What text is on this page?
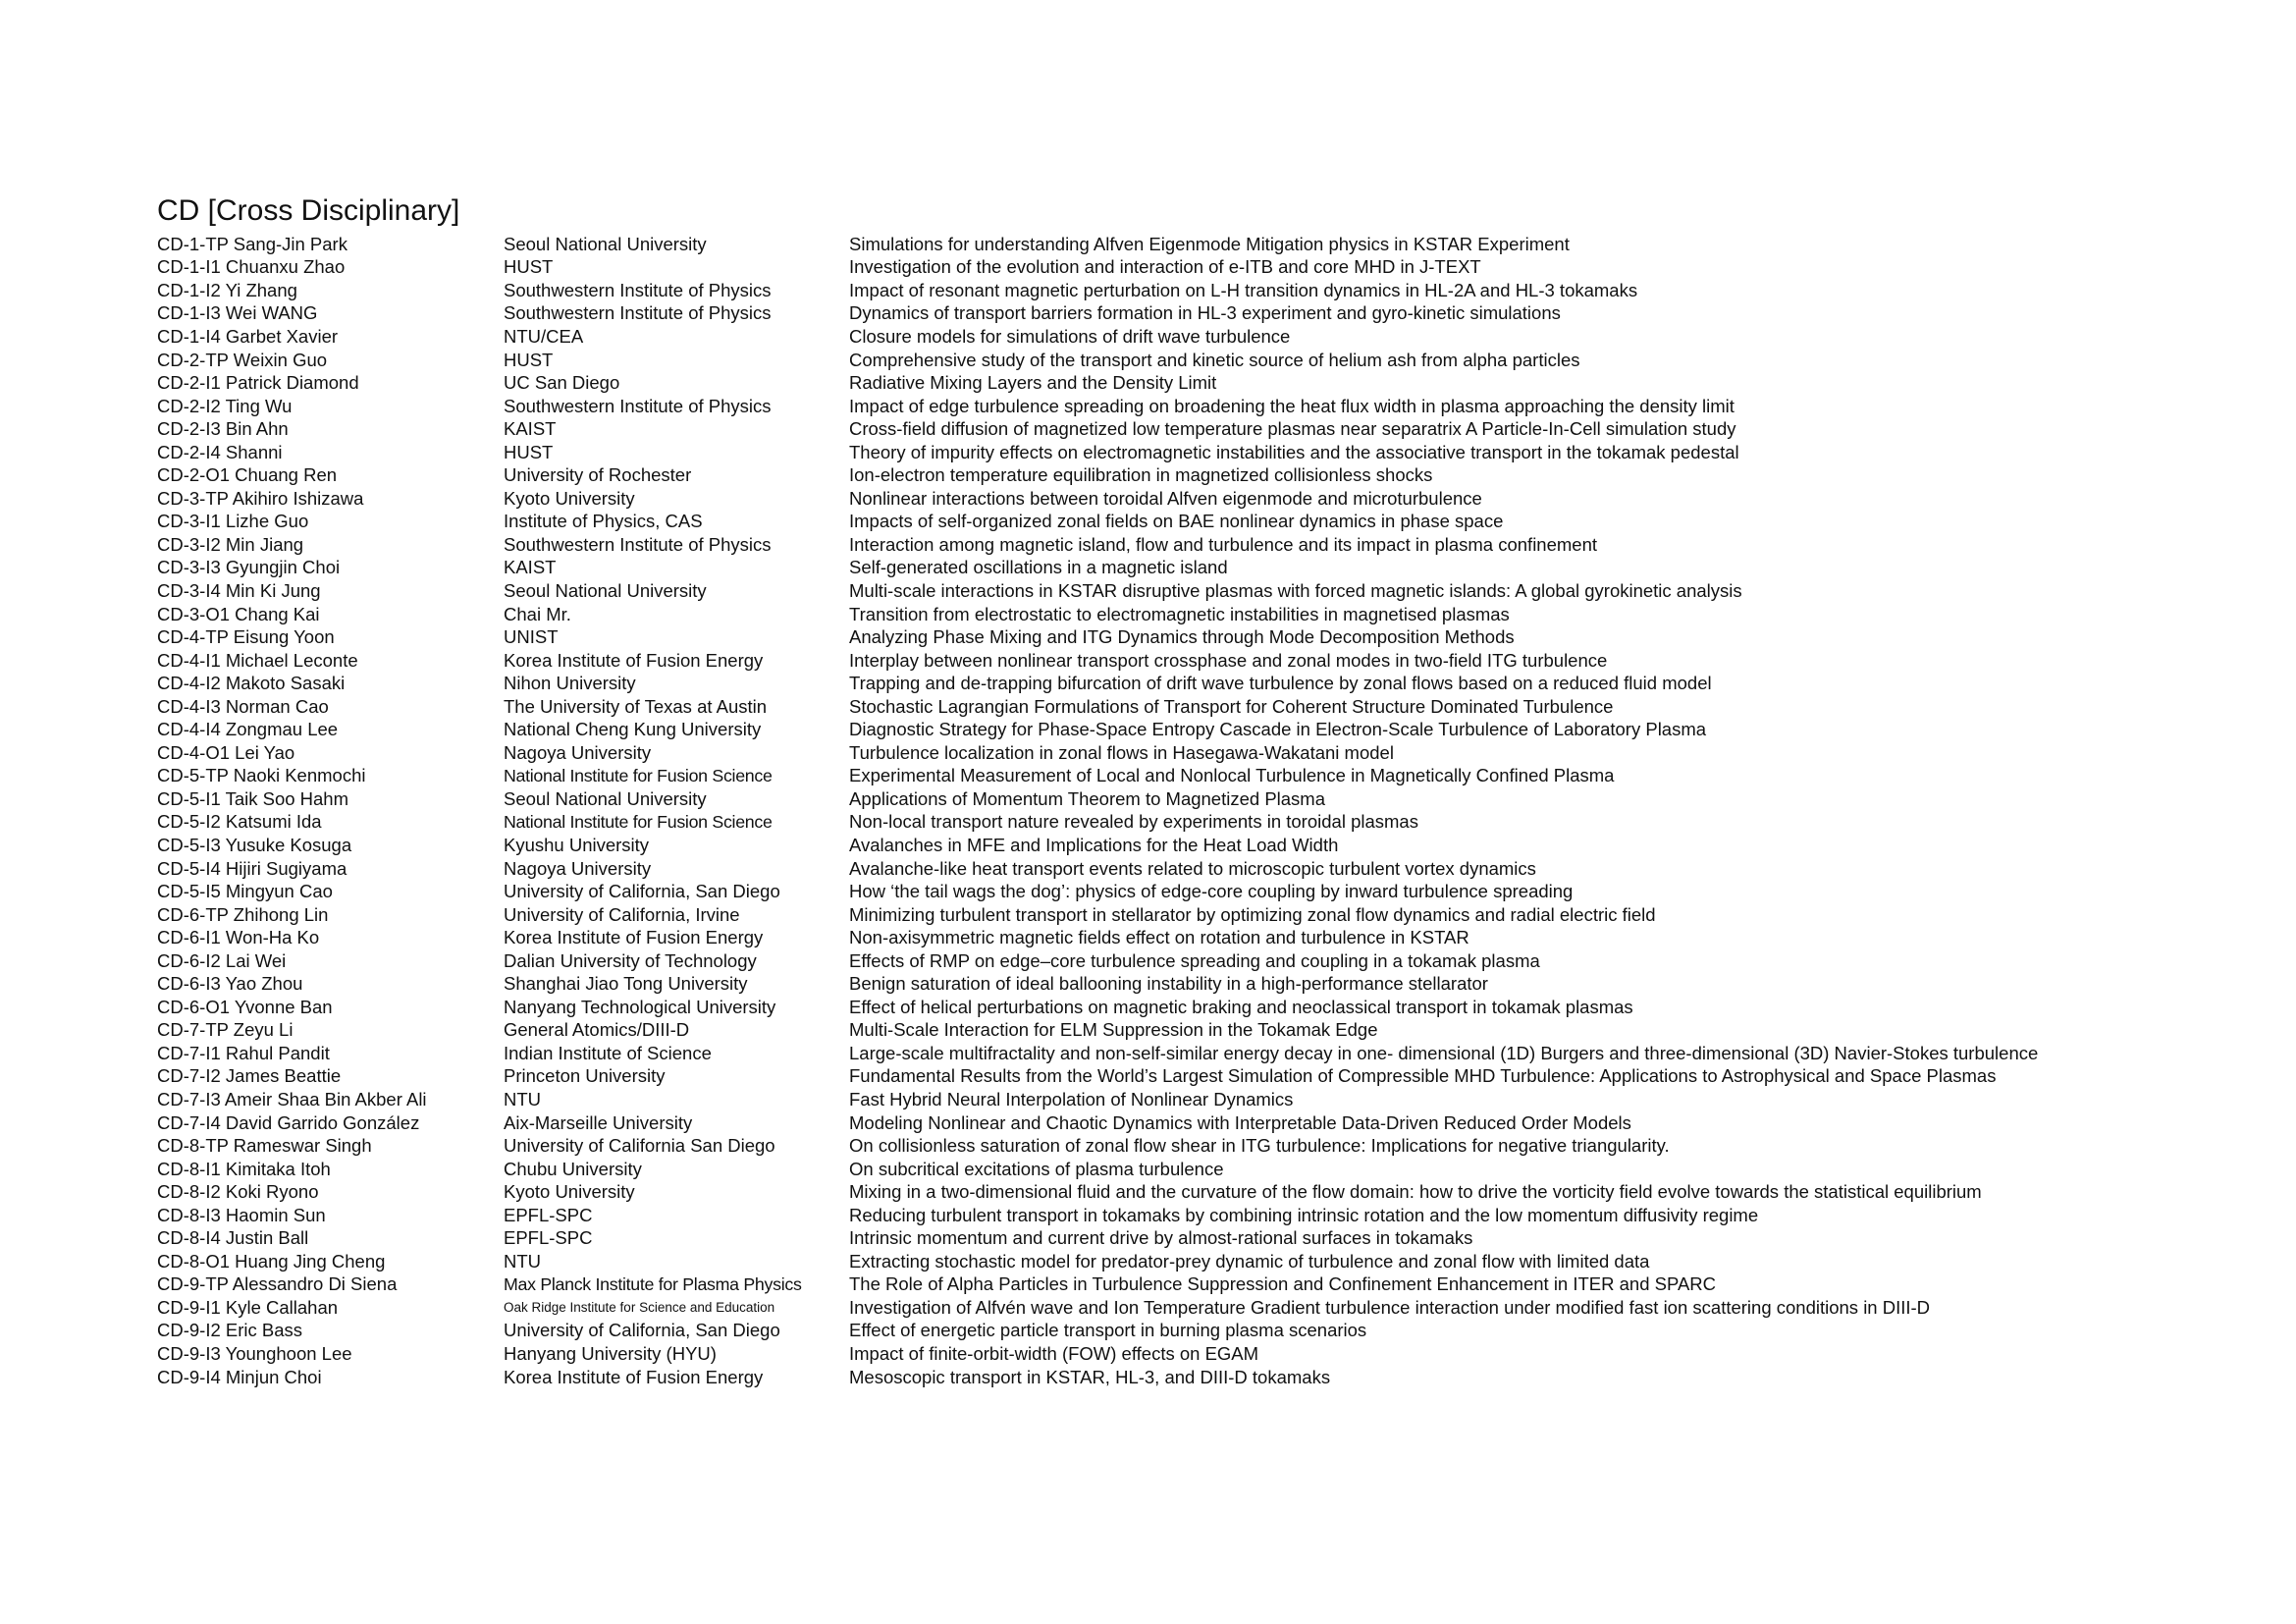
CD [Cross Disciplinary]
CD-1-TP Sang-Jin Park	Seoul National University	Simulations for understanding Alfven Eigenmode Mitigation physics in KSTAR Experiment
CD-1-I1 Chuanxu Zhao	HUST	Investigation of the evolution and interaction of e-ITB and core MHD in J-TEXT
CD-1-I2 Yi Zhang	Southwestern Institute of Physics	Impact of resonant magnetic perturbation on L-H transition dynamics in HL-2A and HL-3 tokamaks
CD-1-I3 Wei WANG	Southwestern Institute of Physics	Dynamics of transport barriers formation in HL-3 experiment and gyro-kinetic simulations
CD-1-I4 Garbet Xavier	NTU/CEA	Closure models for simulations of drift wave turbulence
CD-2-TP Weixin Guo	HUST	Comprehensive study of the transport and kinetic source of helium ash from alpha particles
CD-2-I1 Patrick Diamond	UC San Diego	Radiative Mixing Layers and the Density Limit
CD-2-I2 Ting Wu	Southwestern Institute of Physics	Impact of edge turbulence spreading on broadening the heat flux width in plasma approaching the density limit
CD-2-I3 Bin Ahn	KAIST	Cross-field diffusion of magnetized low temperature plasmas near separatrix A Particle-In-Cell simulation study
CD-2-I4 Shanni	HUST	Theory of impurity effects on electromagnetic instabilities and the associative transport in the tokamak pedestal
CD-2-O1 Chuang Ren	University of Rochester	Ion-electron temperature equilibration in magnetized collisionless shocks
CD-3-TP Akihiro Ishizawa	Kyoto University	Nonlinear interactions between toroidal Alfven eigenmode and microturbulence
CD-3-I1 Lizhe Guo	Institute of Physics, CAS	Impacts of self-organized zonal fields on BAE nonlinear dynamics in phase space
CD-3-I2 Min Jiang	Southwestern Institute of Physics	Interaction among magnetic island, flow and turbulence and its impact in plasma confinement
CD-3-I3 Gyungjin Choi	KAIST	Self-generated oscillations in a magnetic island
CD-3-I4 Min Ki Jung	Seoul National University	Multi-scale interactions in KSTAR disruptive plasmas with forced magnetic islands: A global gyrokinetic analysis
CD-3-O1 Chang Kai	Chai Mr.	Transition from electrostatic to electromagnetic instabilities in magnetised plasmas
CD-4-TP Eisung Yoon	UNIST	Analyzing Phase Mixing and ITG Dynamics through Mode Decomposition Methods
CD-4-I1 Michael Leconte	Korea Institute of Fusion Energy	Interplay between nonlinear transport crossphase and zonal modes in two-field ITG turbulence
CD-4-I2 Makoto Sasaki	Nihon University	Trapping and de-trapping bifurcation of drift wave turbulence by zonal flows based on a reduced fluid model
CD-4-I3 Norman Cao	The University of Texas at Austin	Stochastic Lagrangian Formulations of Transport for Coherent Structure Dominated Turbulence
CD-4-I4 Zongmau Lee	National Cheng Kung University	Diagnostic Strategy for Phase-Space Entropy Cascade in Electron-Scale Turbulence of Laboratory Plasma
CD-4-O1 Lei Yao	Nagoya University	Turbulence localization in zonal flows in Hasegawa-Wakatani model
CD-5-TP Naoki Kenmochi	National Institute for Fusion Science	Experimental Measurement of Local and Nonlocal Turbulence in Magnetically Confined Plasma
CD-5-I1 Taik Soo Hahm	Seoul National University	Applications of Momentum Theorem to Magnetized Plasma
CD-5-I2 Katsumi Ida	National Institute for Fusion Science	Non-local transport nature revealed by experiments in toroidal plasmas
CD-5-I3 Yusuke Kosuga	Kyushu University	Avalanches in MFE and Implications for the Heat Load Width
CD-5-I4 Hijiri Sugiyama	Nagoya University	Avalanche-like heat transport events related to microscopic turbulent vortex dynamics
CD-5-I5 Mingyun Cao	University of California, San Diego	How ‘the tail wags the dog’: physics of edge-core coupling by inward turbulence spreading
CD-6-TP Zhihong Lin	University of California, Irvine	Minimizing turbulent transport in stellarator by optimizing zonal flow dynamics and radial electric field
CD-6-I1 Won-Ha Ko	Korea Institute of Fusion Energy	Non-axisymmetric magnetic fields effect on rotation and turbulence in KSTAR
CD-6-I2 Lai Wei	Dalian University of Technology	Effects of RMP on edge–core turbulence spreading and coupling in a tokamak plasma
CD-6-I3 Yao Zhou	Shanghai Jiao Tong University	Benign saturation of ideal ballooning instability in a high-performance stellarator
CD-6-O1 Yvonne Ban	Nanyang Technological University	Effect of helical perturbations on magnetic braking and neoclassical transport in tokamak plasmas
CD-7-TP Zeyu Li	General Atomics/DIII-D	Multi-Scale Interaction for ELM Suppression in the Tokamak Edge
CD-7-I1 Rahul Pandit	Indian Institute of Science	Large-scale multifractality and non-self-similar energy decay in one- dimensional (1D) Burgers and three-dimensional (3D) Navier-Stokes turbulence
CD-7-I2 James Beattie	Princeton University	Fundamental Results from the World’s Largest Simulation of Compressible MHD Turbulence: Applications to Astrophysical and Space Plasmas
CD-7-I3 Ameir Shaa Bin Akber Ali	NTU	Fast Hybrid Neural Interpolation of Nonlinear Dynamics
CD-7-I4 David Garrido González	Aix-Marseille University	Modeling Nonlinear and Chaotic Dynamics with Interpretable Data-Driven Reduced Order Models
CD-8-TP Rameswar Singh	University of California San Diego	On collisionless saturation of zonal flow shear in ITG turbulence: Implications for negative triangularity.
CD-8-I1 Kimitaka Itoh	Chubu University	On subcritical excitations of plasma turbulence
CD-8-I2 Koki Ryono	Kyoto University	Mixing in a two-dimensional fluid and the curvature of the flow domain: how to drive the vorticity field evolve towards the statistical equilibrium
CD-8-I3 Haomin Sun	EPFL-SPC	Reducing turbulent transport in tokamaks by combining intrinsic rotation and the low momentum diffusivity regime
CD-8-I4 Justin Ball	EPFL-SPC	Intrinsic momentum and current drive by almost-rational surfaces in tokamaks
CD-8-O1 Huang Jing Cheng	NTU	Extracting stochastic model for predator-prey dynamic of turbulence and zonal flow with limited data
CD-9-TP Alessandro Di Siena	Max Planck Institute for Plasma Physics	The Role of Alpha Particles in Turbulence Suppression and Confinement Enhancement in ITER and SPARC
CD-9-I1 Kyle Callahan	Oak Ridge Institute for Science and Education	Investigation of Alfvén wave and Ion Temperature Gradient turbulence interaction under modified fast ion scattering conditions in DIII-D
CD-9-I2 Eric Bass	University of California, San Diego	Effect of energetic particle transport in burning plasma scenarios
CD-9-I3 Younghoon Lee	Hanyang University (HYU)	Impact of finite-orbit-width (FOW) effects on EGAM
CD-9-I4 Minjun Choi	Korea Institute of Fusion Energy	Mesoscopic transport in KSTAR, HL-3, and DIII-D tokamaks
